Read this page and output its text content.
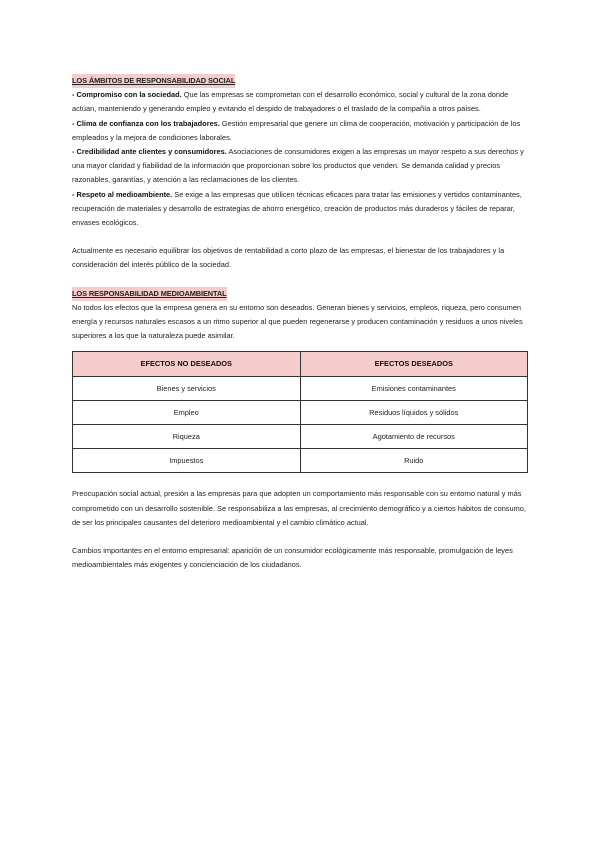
LOS ÁMBITOS DE RESPONSABILIDAD SOCIAL

- Compromiso con la sociedad. Que las empresas se comprometan con el desarrollo económico, social y cultural de la zona donde actúan, manteniendo y generando empleo y evitando el despido de trabajadores o el traslado de la compañía a otros países.

- Clima de confianza con los trabajadores. Gestión empresarial que genere un clima de cooperación, motivación y participación de los empleados y la mejora de condiciones laborales.

- Credibilidad ante clientes y consumidores. Asociaciones de consumidores exigen a las empresas un mayor respeto a sus derechos y una mayor claridad y fiabilidad de la información que proporcionan sobre los productos que venden. Se demanda calidad y precios razonables, garantías, y atención a las reclamaciones de los clientes.

- Respeto al medioambiente. Se exige a las empresas que utilicen técnicas eficaces para tratar las emisiones y vertidos contaminantes, recuperación de materiales y desarrollo de estrategias de ahorro energético, creación de productos más duraderos y fáciles de reparar, envases ecológicos.

Actualmente es necesario equilibrar los objetivos de rentabilidad a corto plazo de las empresas, el bienestar de los trabajadores y la consideración del interés público de la sociedad.

LOS RESPONSABILIDAD MEDIOAMBIENTAL

No todos los efectos que la empresa genera en su entorno son deseados. Generan bienes y servicios, empleos, riqueza, pero consumen energía y recursos naturales escasos a un ritmo superior al que pueden regenerarse y producen contaminación y residuos a unos niveles superiores a los que la naturaleza puede asimilar.

EFECTOS NO DESEADOS	EFECTOS DESEADOS
Bienes y servicios	Emisiones contaminantes
Empleo	Residuos líquidos y sólidos
Riqueza	Agotamiento de recursos
Impuestos	Ruido

Preocupación social actual, presión a las empresas para que adopten un comportamiento más responsable con su entorno natural y más comprometido con un desarrollo sostenible. Se responsabiliza a las empresas, al crecimiento demográfico y a ciertos hábitos de consumo, de ser los principales causantes del deterioro medioambiental y el cambio climático actual.

Cambios importantes en el entorno empresarial: aparición de un consumidor ecológicamente más responsable, promulgación de leyes medioambientales más exigentes y concienciación de los ciudadanos.
